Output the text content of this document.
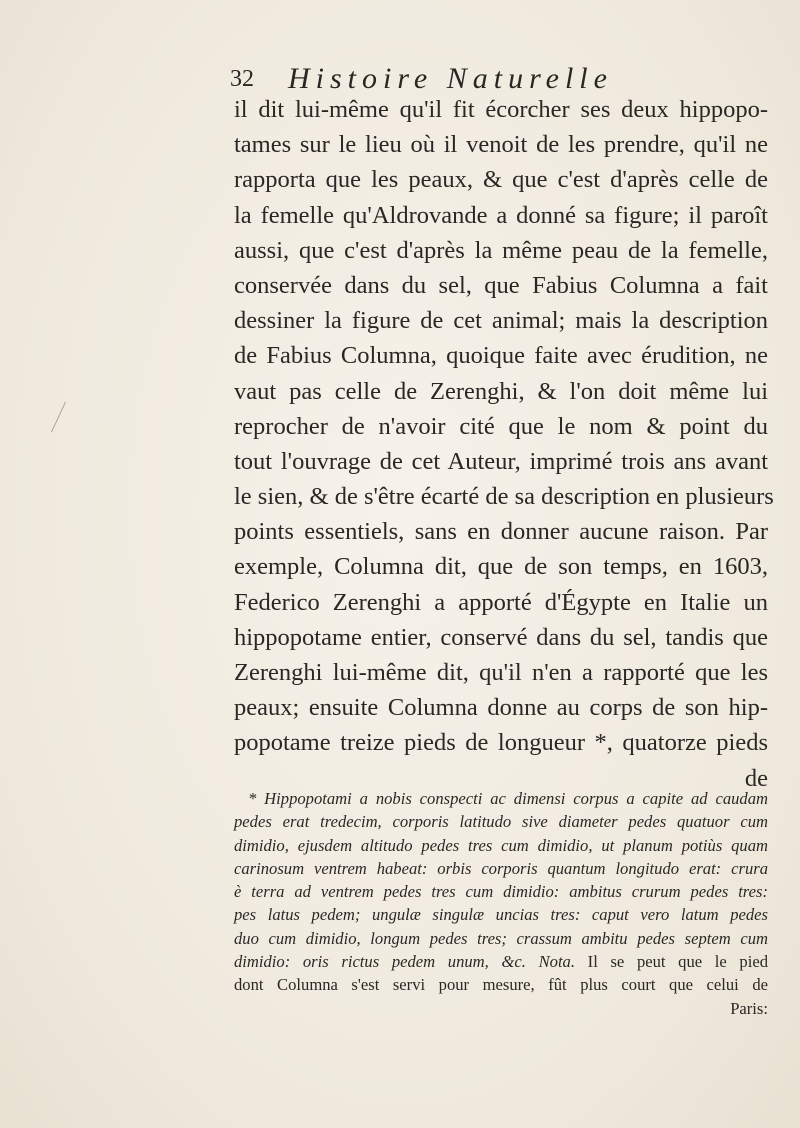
32 Histoire Naturelle
il dit lui-même qu'il fit écorcher ses deux hippopo-
tames sur le lieu où il venoit de les prendre, qu'il ne
rapporta que les peaux, & que c'est d'après celle de
la femelle qu'Aldrovande a donné sa figure; il paroît
aussi, que c'est d'après la même peau de la femelle,
conservée dans du sel, que Fabius Columna a fait
dessiner la figure de cet animal; mais la description
de Fabius Columna, quoique faite avec érudition, ne
vaut pas celle de Zerenghi, & l'on doit même lui
reprocher de n'avoir cité que le nom & point du
tout l'ouvrage de cet Auteur, imprimé trois ans avant
le sien, & de s'être écarté de sa description en plusieurs
points essentiels, sans en donner aucune raison. Par
exemple, Columna dit, que de son temps, en 1603,
Federico Zerenghi a apporté d'Égypte en Italie un
hippopotame entier, conservé dans du sel, tandis que
Zerenghi lui-même dit, qu'il n'en a rapporté que les
peaux; ensuite Columna donne au corps de son hip-
popotame treize pieds de longueur *, quatorze pieds
de
* Hippopotami a nobis conspecti ac dimensi corpus a capite ad caudam
pedes erat tredecim, corporis latitudo sive diameter pedes quatuor cum
dimidio, ejusdem altitudo pedes tres cum dimidio, ut planum potiùs quam
carinosum ventrem habeat: orbis corporis quantum longitudo erat: crura
è terra ad ventrem pedes tres cum dimidio: ambitus crurum pedes tres:
pes latus pedem; ungulæ singulæ uncias tres: caput vero latum pedes
duo cum dimidio, longum pedes tres; crassum ambitu pedes septem cum
dimidio: oris rictus pedem unum, &c. Nota. Il se peut que le pied
dont Columna s'est servi pour mesure, fût plus court que celui de
Paris:
